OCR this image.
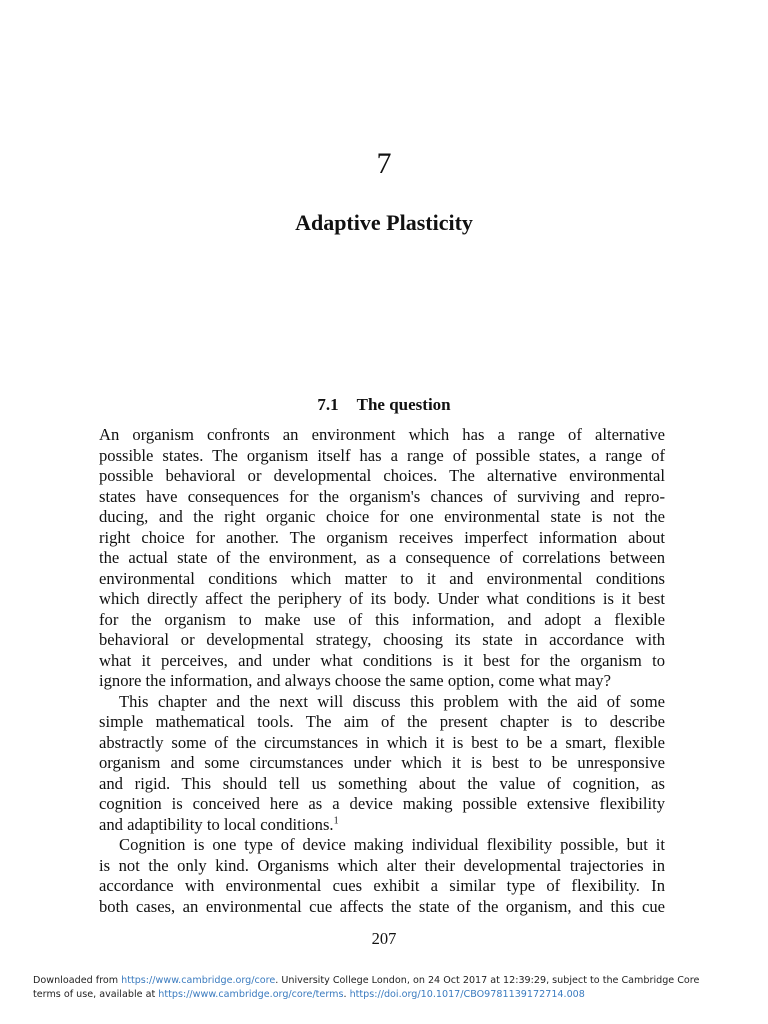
7
Adaptive Plasticity
7.1 The question

An organism confronts an environment which has a range of alternative
possible states. The organism itself has a range of possible states, a range of
possible behavioral or developmental choices. The alternative environmental
states have consequences for the organism's chances of surviving and repro-
ducing, and the right organic choice for one environmental state is not the
right choice for another. The organism receives imperfect information about
the actual state of the environment, as a consequence of correlations between
environmental conditions which matter to it and environmental conditions
which directly affect the periphery of its body. Under what conditions is it best
for the organism to make use of this information, and adopt a flexible
behavioral or developmental strategy, choosing its state in accordance with
what it perceives, and under what conditions is it best for the organism to
ignore the information, and always choose the same option, come what may?

This chapter and the next will discuss this problem with the aid of some
simple mathematical tools. The aim of the present chapter is to describe
abstractly some of the circumstances in which it is best to be a smart, flexible
organism and some circumstances under which it is best to be unresponsive
and rigid. This should tell us something about the value of cognition, as
cognition is conceived here as a device making possible extensive flexibility
and adaptibility to local conditions.$^1$

Cognition is one type of device making individual flexibility possible, but it
is not the only kind. Organisms which alter their developmental trajectories in
accordance with environmental cues exhibit a similar type of flexibility. In
both cases, an environmental cue affects the state of the organism, and this cue

207
Downloaded from https://www.cambridge.org/core. University College London, on 24 Oct 2017 at 12:39:29, subject to the Cambridge Core
terms of use, available at https://www.cambridge.org/core/terms. https://doi.org/10.1017/CBO9781139172714.008
